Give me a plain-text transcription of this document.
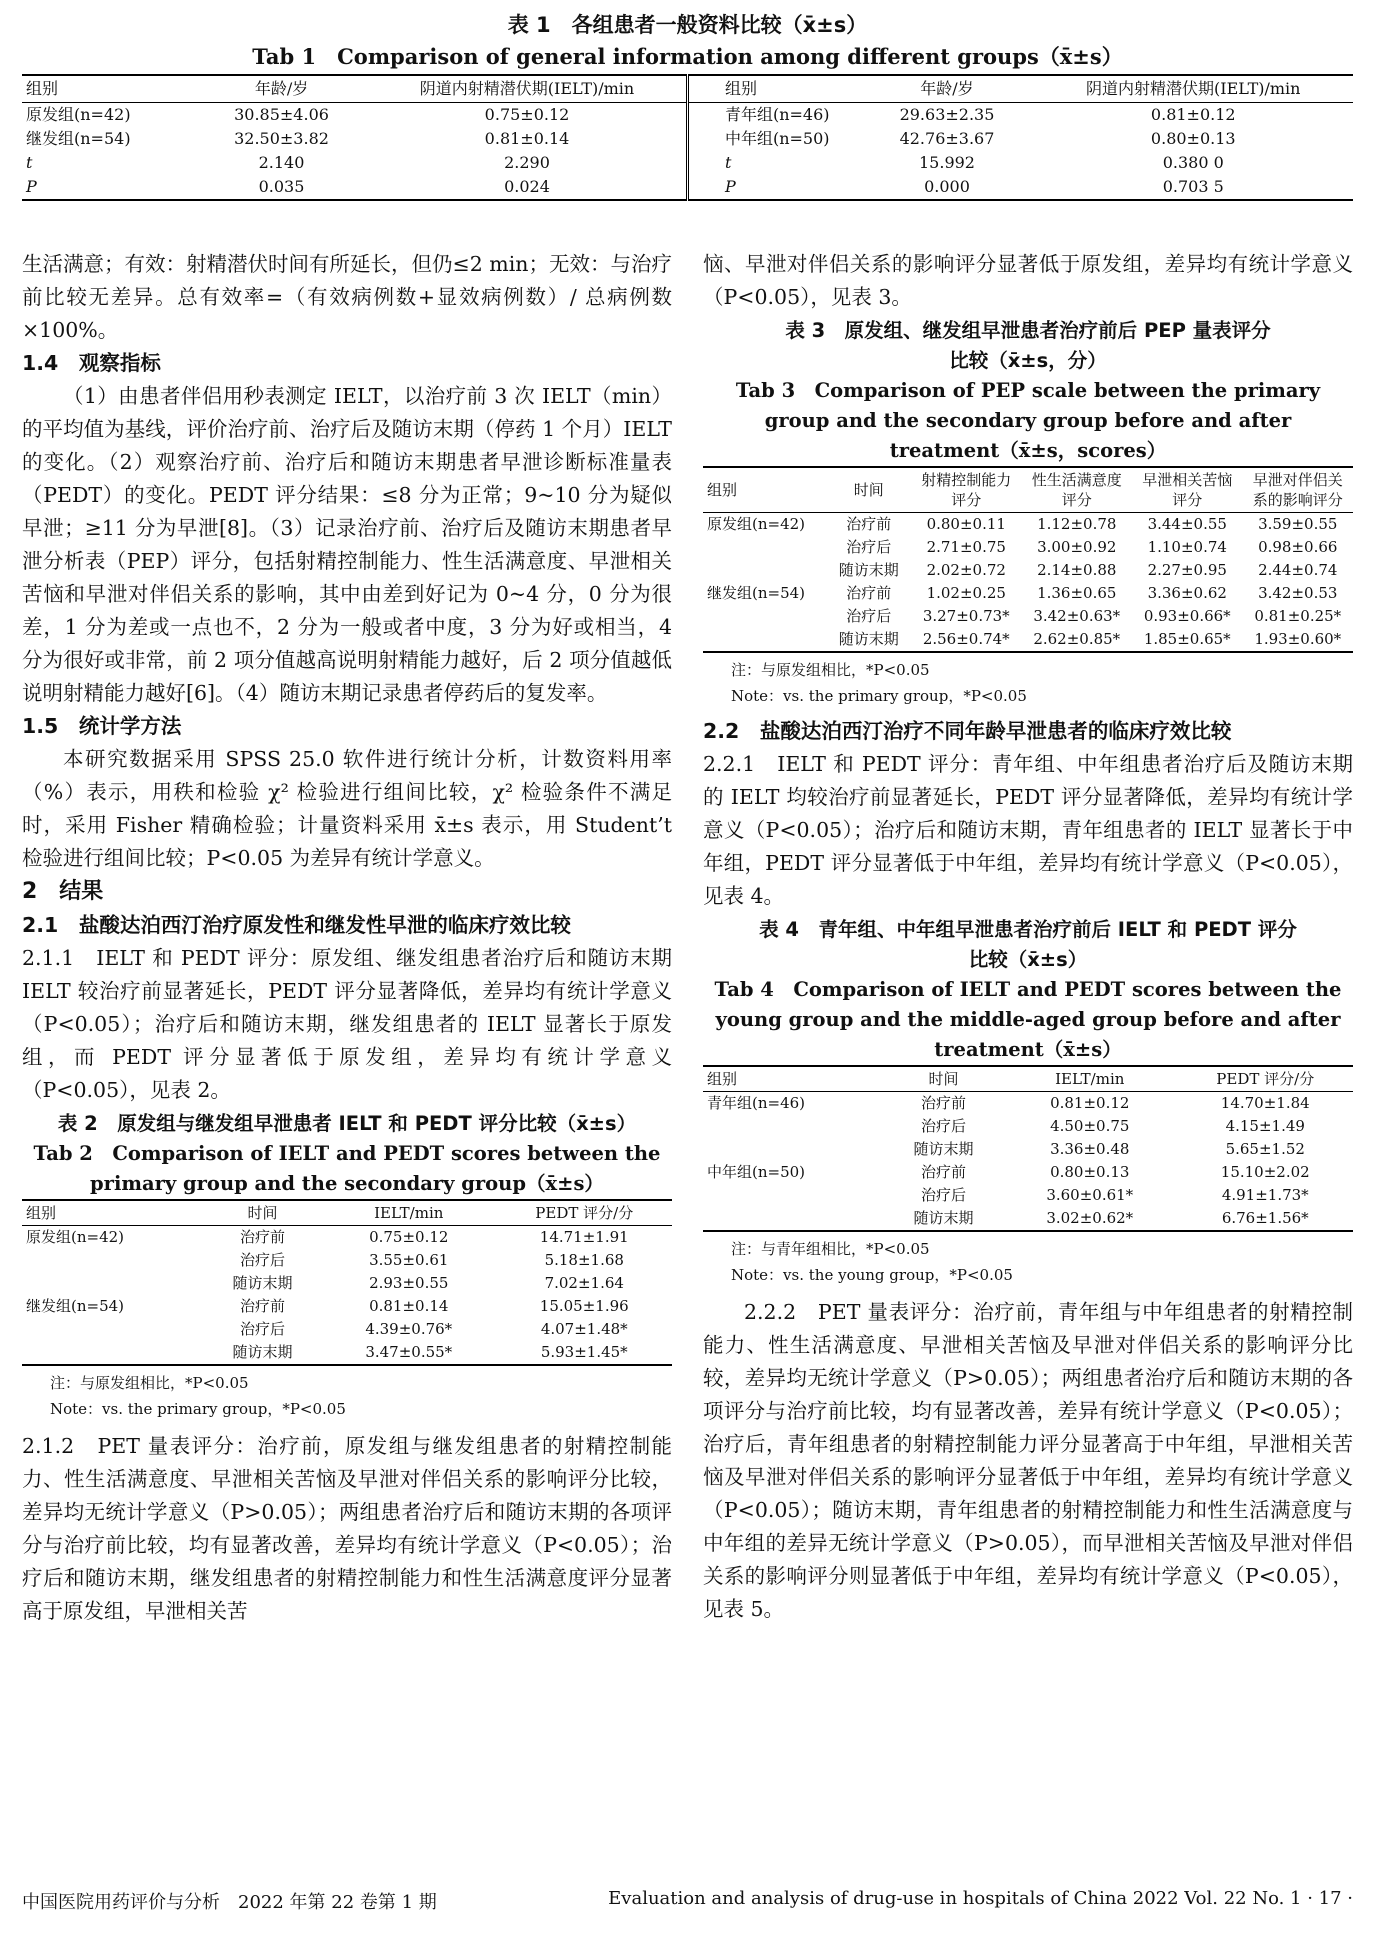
表 1　各组患者一般资料比较（x̄±s）
Tab 1　Comparison of general information among different groups（x̄±s）
组别	年龄/岁	阴道内射精潜伏期(IELT)/min	组别	年龄/岁	阴道内射精潜伏期(IELT)/min
原发组(n=42)	30.85±4.06	0.75±0.12	青年组(n=46)	29.63±2.35	0.81±0.12
继发组(n=54)	32.50±3.82	0.81±0.14	中年组(n=50)	42.76±3.67	0.80±0.13
t	2.140	2.290	t	15.992	0.380 0
P	0.035	0.024	P	0.000	0.703 5

生活满意；有效：射精潜伏时间有所延长，但仍≤2 min；无效：与治疗前比较无差异。总有效率=（有效病例数+显效病例数）/ 总病例数×100%。

1.4　观察指标

（1）由患者伴侣用秒表测定 IELT，以治疗前 3 次 IELT（min）的平均值为基线，评价治疗前、治疗后及随访末期（停药 1 个月）IELT 的变化。（2）观察治疗前、治疗后和随访末期患者早泄诊断标准量表（PEDT）的变化。PEDT 评分结果：≤8 分为正常；9~10 分为疑似早泄；≥11 分为早泄[8]。（3）记录治疗前、治疗后及随访末期患者早泄分析表（PEP）评分，包括射精控制能力、性生活满意度、早泄相关苦恼和早泄对伴侣关系的影响，其中由差到好记为 0~4 分，0 分为很差，1 分为差或一点也不，2 分为一般或者中度，3 分为好或相当，4 分为很好或非常，前 2 项分值越高说明射精能力越好，后 2 项分值越低说明射精能力越好[6]。（4）随访末期记录患者停药后的复发率。

1.5　统计学方法

本研究数据采用 SPSS 25.0 软件进行统计分析，计数资料用率（%）表示，用秩和检验 χ² 检验进行组间比较，χ² 检验条件不满足时，采用 Fisher 精确检验；计量资料采用 x̄±s 表示，用 Student’t 检验进行组间比较；P<0.05 为差异有统计学意义。

2　结果
2.1　盐酸达泊西汀治疗原发性和继发性早泄的临床疗效比较

2.1.1　IELT 和 PEDT 评分：原发组、继发组患者治疗后和随访末期 IELT 较治疗前显著延长，PEDT 评分显著降低，差异均有统计学意义（P<0.05）；治疗后和随访末期，继发组患者的 IELT 显著长于原发组，而 PEDT 评分显著低于原发组，差异均有统计学意义（P<0.05），见表 2。

表 2　原发组与继发组早泄患者 IELT 和 PEDT 评分比较（x̄±s）
Tab 2　Comparison of IELT and PEDT scores between the
primary group and the secondary group（x̄±s）
组别	时间	IELT/min	PEDT 评分/分
原发组(n=42)	治疗前	0.75±0.12	14.71±1.91
	治疗后	3.55±0.61	5.18±1.68
	随访末期	2.93±0.55	7.02±1.64
继发组(n=54)	治疗前	0.81±0.14	15.05±1.96
	治疗后	4.39±0.76*	4.07±1.48*
	随访末期	3.47±0.55*	5.93±1.45*
注：与原发组相比，*P<0.05
Note：vs. the primary group，*P<0.05

2.1.2　PET 量表评分：治疗前，原发组与继发组患者的射精控制能力、性生活满意度、早泄相关苦恼及早泄对伴侣关系的影响评分比较，差异均无统计学意义（P>0.05）；两组患者治疗后和随访末期的各项评分与治疗前比较，均有显著改善，差异均有统计学意义（P<0.05）；治疗后和随访末期，继发组患者的射精控制能力和性生活满意度评分显著高于原发组，早泄相关苦

恼、早泄对伴侣关系的影响评分显著低于原发组，差异均有统计学意义（P<0.05），见表 3。

表 3　原发组、继发组早泄患者治疗前后 PEP 量表评分
比较（x̄±s，分）
Tab 3　Comparison of PEP scale between the primary
group and the secondary group before and after
treatment（x̄±s，scores）
组别	时间	射精控制能力评分	性生活满意度评分	早泄相关苦恼评分	早泄对伴侣关系的影响评分
原发组(n=42)	治疗前	0.80±0.11	1.12±0.78	3.44±0.55	3.59±0.55
	治疗后	2.71±0.75	3.00±0.92	1.10±0.74	0.98±0.66
	随访末期	2.02±0.72	2.14±0.88	2.27±0.95	2.44±0.74
继发组(n=54)	治疗前	1.02±0.25	1.36±0.65	3.36±0.62	3.42±0.53
	治疗后	3.27±0.73*	3.42±0.63*	0.93±0.66*	0.81±0.25*
	随访末期	2.56±0.74*	2.62±0.85*	1.85±0.65*	1.93±0.60*
注：与原发组相比，*P<0.05
Note：vs. the primary group，*P<0.05
2.2　盐酸达泊西汀治疗不同年龄早泄患者的临床疗效比较

2.2.1　IELT 和 PEDT 评分：青年组、中年组患者治疗后及随访末期的 IELT 均较治疗前显著延长，PEDT 评分显著降低，差异均有统计学意义（P<0.05）；治疗后和随访末期，青年组患者的 IELT 显著长于中年组，PEDT 评分显著低于中年组，差异均有统计学意义（P<0.05），见表 4。

表 4　青年组、中年组早泄患者治疗前后 IELT 和 PEDT 评分
比较（x̄±s）
Tab 4　Comparison of IELT and PEDT scores between the
young group and the middle-aged group before and after
treatment（x̄±s）
组别	时间	IELT/min	PEDT 评分/分
青年组(n=46)	治疗前	0.81±0.12	14.70±1.84
	治疗后	4.50±0.75	4.15±1.49
	随访末期	3.36±0.48	5.65±1.52
中年组(n=50)	治疗前	0.80±0.13	15.10±2.02
	治疗后	3.60±0.61*	4.91±1.73*
	随访末期	3.02±0.62*	6.76±1.56*
注：与青年组相比，*P<0.05
Note：vs. the young group，*P<0.05

2.2.2　PET 量表评分：治疗前，青年组与中年组患者的射精控制能力、性生活满意度、早泄相关苦恼及早泄对伴侣关系的影响评分比较，差异均无统计学意义（P>0.05）；两组患者治疗后和随访末期的各项评分与治疗前比较，均有显著改善，差异有统计学意义（P<0.05）；治疗后，青年组患者的射精控制能力评分显著高于中年组，早泄相关苦恼及早泄对伴侣关系的影响评分显著低于中年组，差异均有统计学意义（P<0.05）；随访末期，青年组患者的射精控制能力和性生活满意度与中年组的差异无统计学意义（P>0.05），而早泄相关苦恼及早泄对伴侣关系的影响评分则显著低于中年组，差异均有统计学意义（P<0.05），见表 5。

中国医院用药评价与分析　2022 年第 22 卷第 1 期	Evaluation and analysis of drug-use in hospitals of China 2022 Vol. 22 No. 1 · 17 ·
